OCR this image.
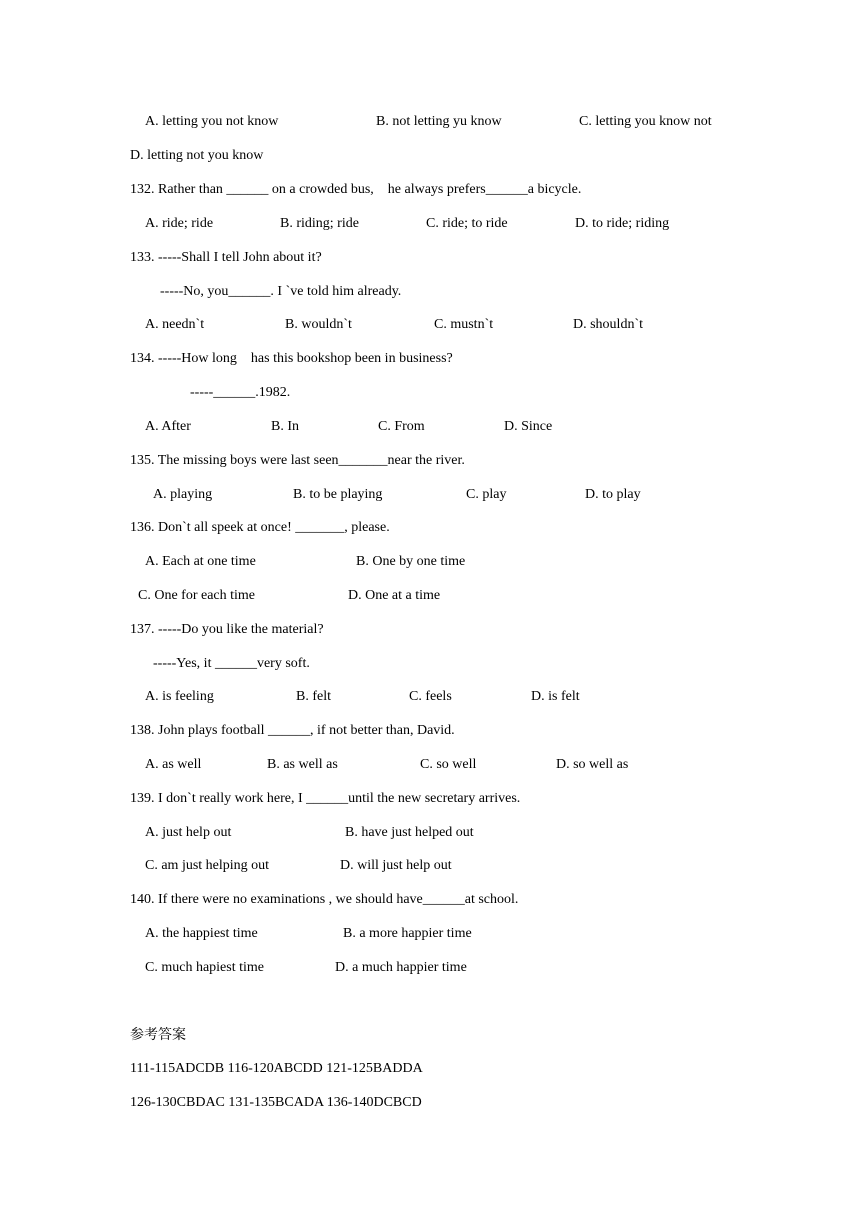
A. letting you not know	B. not letting yu know	C. letting you know not
D. letting not you know
132. Rather than ______ on a crowded bus,    he always prefers______a bicycle.
A. ride; ride	B. riding; ride	C. ride; to ride	D. to ride; riding
133. -----Shall I tell John about it?
-----No, you______. I `ve told him already.
A. needn`t	B. wouldn`t	C. mustn`t	D. shouldn`t
134. -----How long    has this bookshop been in business?
-----______.1982.
A. After	B. In	C. From	D. Since
135. The missing boys were last seen_______near the river.
A. playing	B. to be playing	C. play	D. to play
136. Don`t all speek at once! _______, please.
A. Each at one time	B. One by one time
C. One for each time	D. One at a time
137. -----Do you like the material?
-----Yes, it ______very soft.
A. is feeling	B. felt	C. feels	D. is felt
138. John plays football ______, if not better than, David.
A. as well	B. as well as	C. so well	D. so well as
139. I don`t really work here, I ______until the new secretary arrives.
A. just help out	B. have just helped out
C. am just helping out	D. will just help out
140. If there were no examinations , we should have______at school.
A. the happiest time	B. a more happier time
C. much hapiest time	D. a much happier time
参考答案
111-115ADCDB 116-120ABCDD 121-125BADDA
126-130CBDAC 131-135BCADA 136-140DCBCD
